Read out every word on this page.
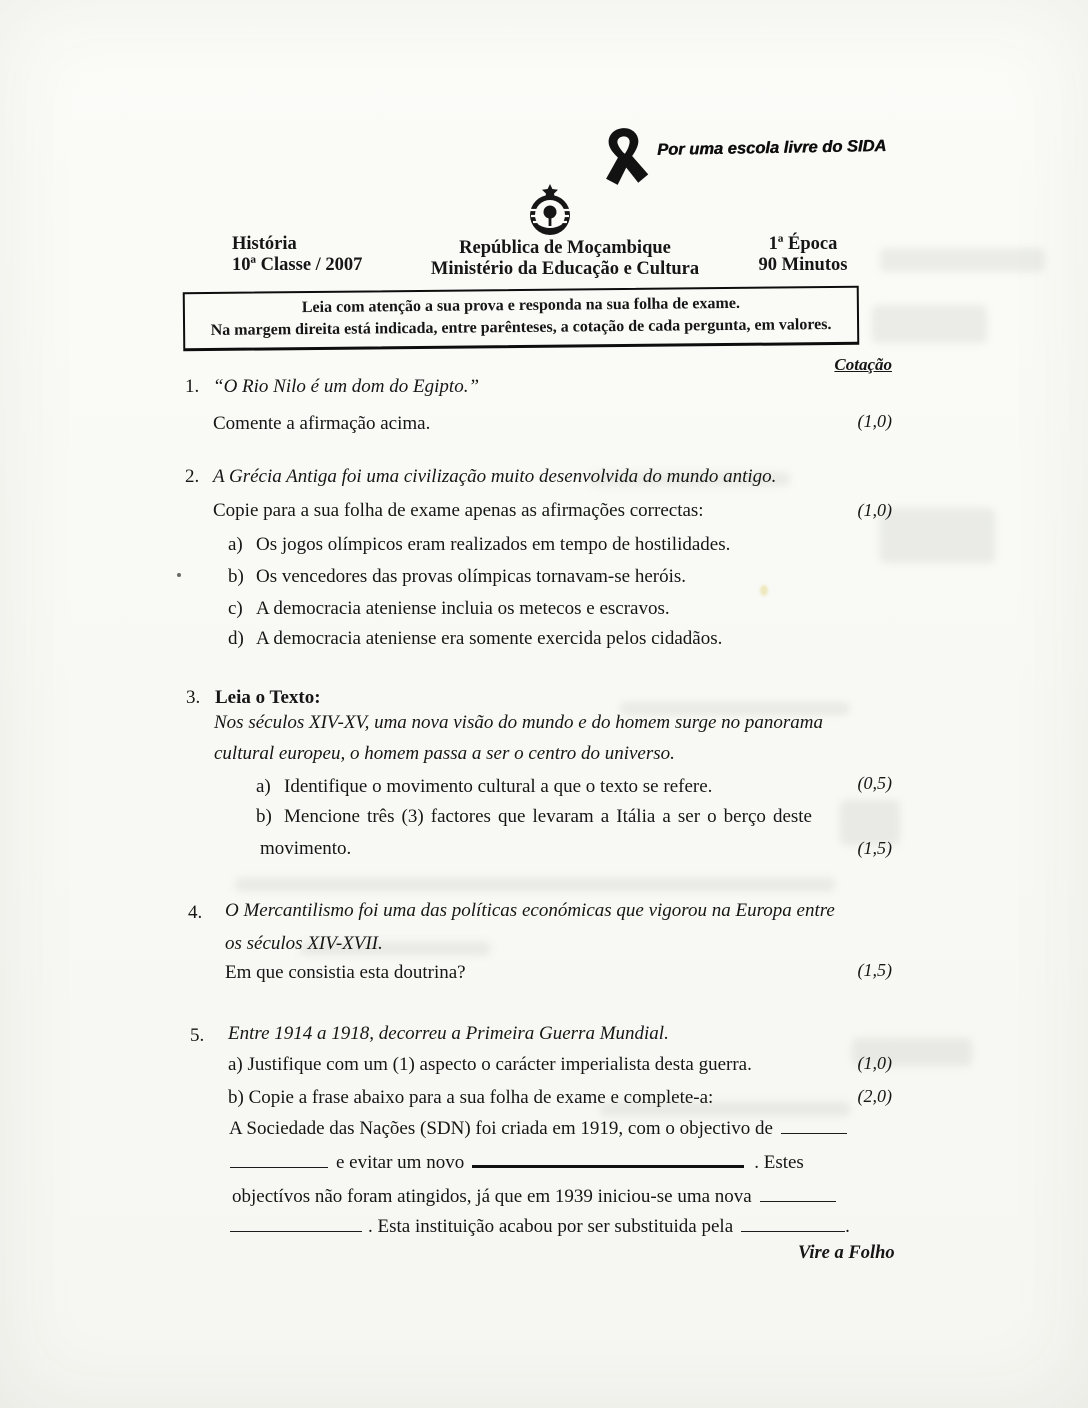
Por uma escola livre do SIDA
História
10ª Classe / 2007
República de Moçambique
Ministério da Educação e Cultura
1ª Época
90 Minutos
Leia com atenção a sua prova e responda na sua folha de exame.
Na margem direita está indicada, entre parênteses, a cotação de cada pergunta, em valores.
Cotação
1. “O Rio Nilo é um dom do Egipto.”
Comente a afirmação acima.	(1,0)
2. A Grécia Antiga foi uma civilização muito desenvolvida do mundo antigo.
Copie para a sua folha de exame apenas as afirmações correctas:	(1,0)
a) Os jogos olímpicos eram realizados em tempo de hostilidades.
b) Os vencedores das provas olímpicas tornavam-se heróis.
c) A democracia ateniense incluia os metecos e escravos.
d) A democracia ateniense era somente exercida pelos cidadãos.
3. Leia o Texto:
Nos séculos XIV-XV, uma nova visão do mundo e do homem surge no panorama
cultural europeu, o homem passa a ser o centro do universo.
a) Identifique o movimento cultural a que o texto se refere.	(0,5)
b) Mencione três (3) factores que levaram a Itália a ser o berço deste
movimento.	(1,5)
4. O Mercantilismo foi uma das políticas económicas que vigorou na Europa entre
os séculos XIV-XVII.
Em que consistia esta doutrina?	(1,5)
5. Entre 1914 a 1918, decorreu a Primeira Guerra Mundial.
a) Justifique com um (1) aspecto o carácter imperialista desta guerra.	(1,0)
b) Copie a frase abaixo para a sua folha de exame e complete-a:	(2,0)
A Sociedade das Nações (SDN) foi criada em 1919, com o objectivo de
e evitar um novo	. Estes
objectívos não foram atingidos, já que em 1939 iniciou-se uma nova
. Esta instituição acabou por ser substituida pela	.
Vire a Folho
